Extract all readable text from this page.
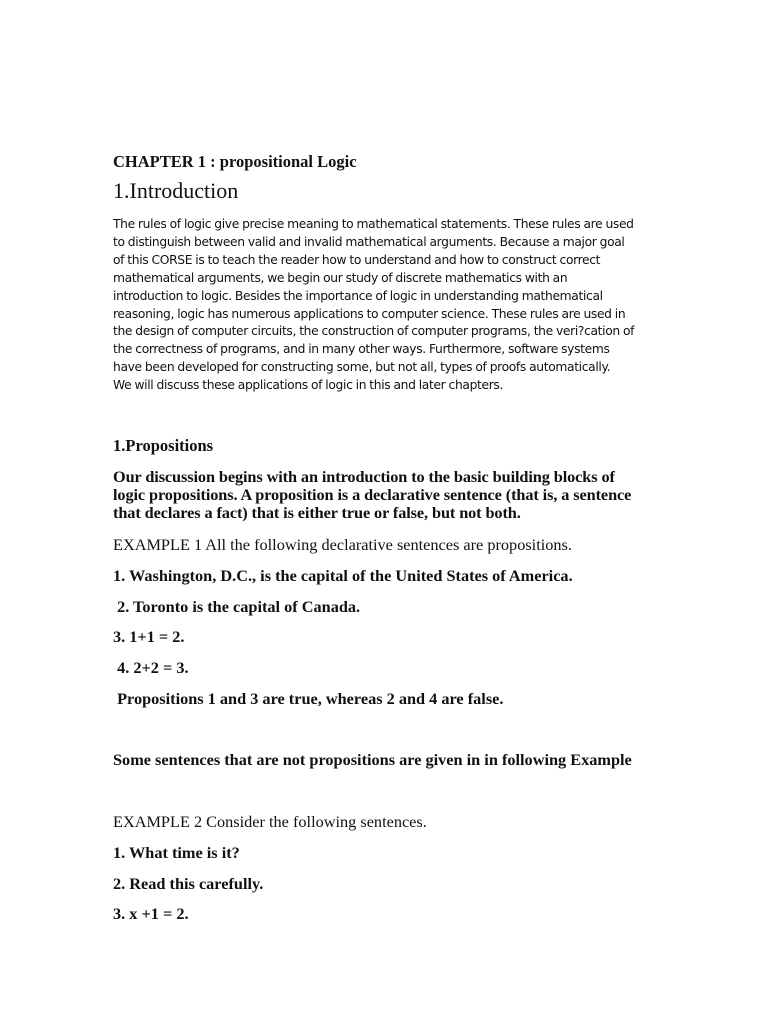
CHAPTER 1 : propositional Logic
1.Introduction

The rules of logic give precise meaning to mathematical statements. These rules are used
to distinguish between valid and invalid mathematical arguments. Because a major goal
of this CORSE is to teach the reader how to understand and how to construct correct
mathematical arguments, we begin our study of discrete mathematics with an
introduction to logic. Besides the importance of logic in understanding mathematical
reasoning, logic has numerous applications to computer science. These rules are used in
the design of computer circuits, the construction of computer programs, the veri?cation of
the correctness of programs, and in many other ways. Furthermore, software systems
have been developed for constructing some, but not all, types of proofs automatically.
We will discuss these applications of logic in this and later chapters.

1.Propositions

Our discussion begins with an introduction to the basic building blocks of
logic propositions. A proposition is a declarative sentence (that is, a sentence
that declares a fact) that is either true or false, but not both.

EXAMPLE 1 All the following declarative sentences are propositions.
1. Washington, D.C., is the capital of the United States of America.
2. Toronto is the capital of Canada.
3. 1+1 = 2.
4. 2+2 = 3.
Propositions 1 and 3 are true, whereas 2 and 4 are false.
Some sentences that are not propositions are given in in following Example
EXAMPLE 2 Consider the following sentences.
1. What time is it?
2. Read this carefully.
3. x +1 = 2.
